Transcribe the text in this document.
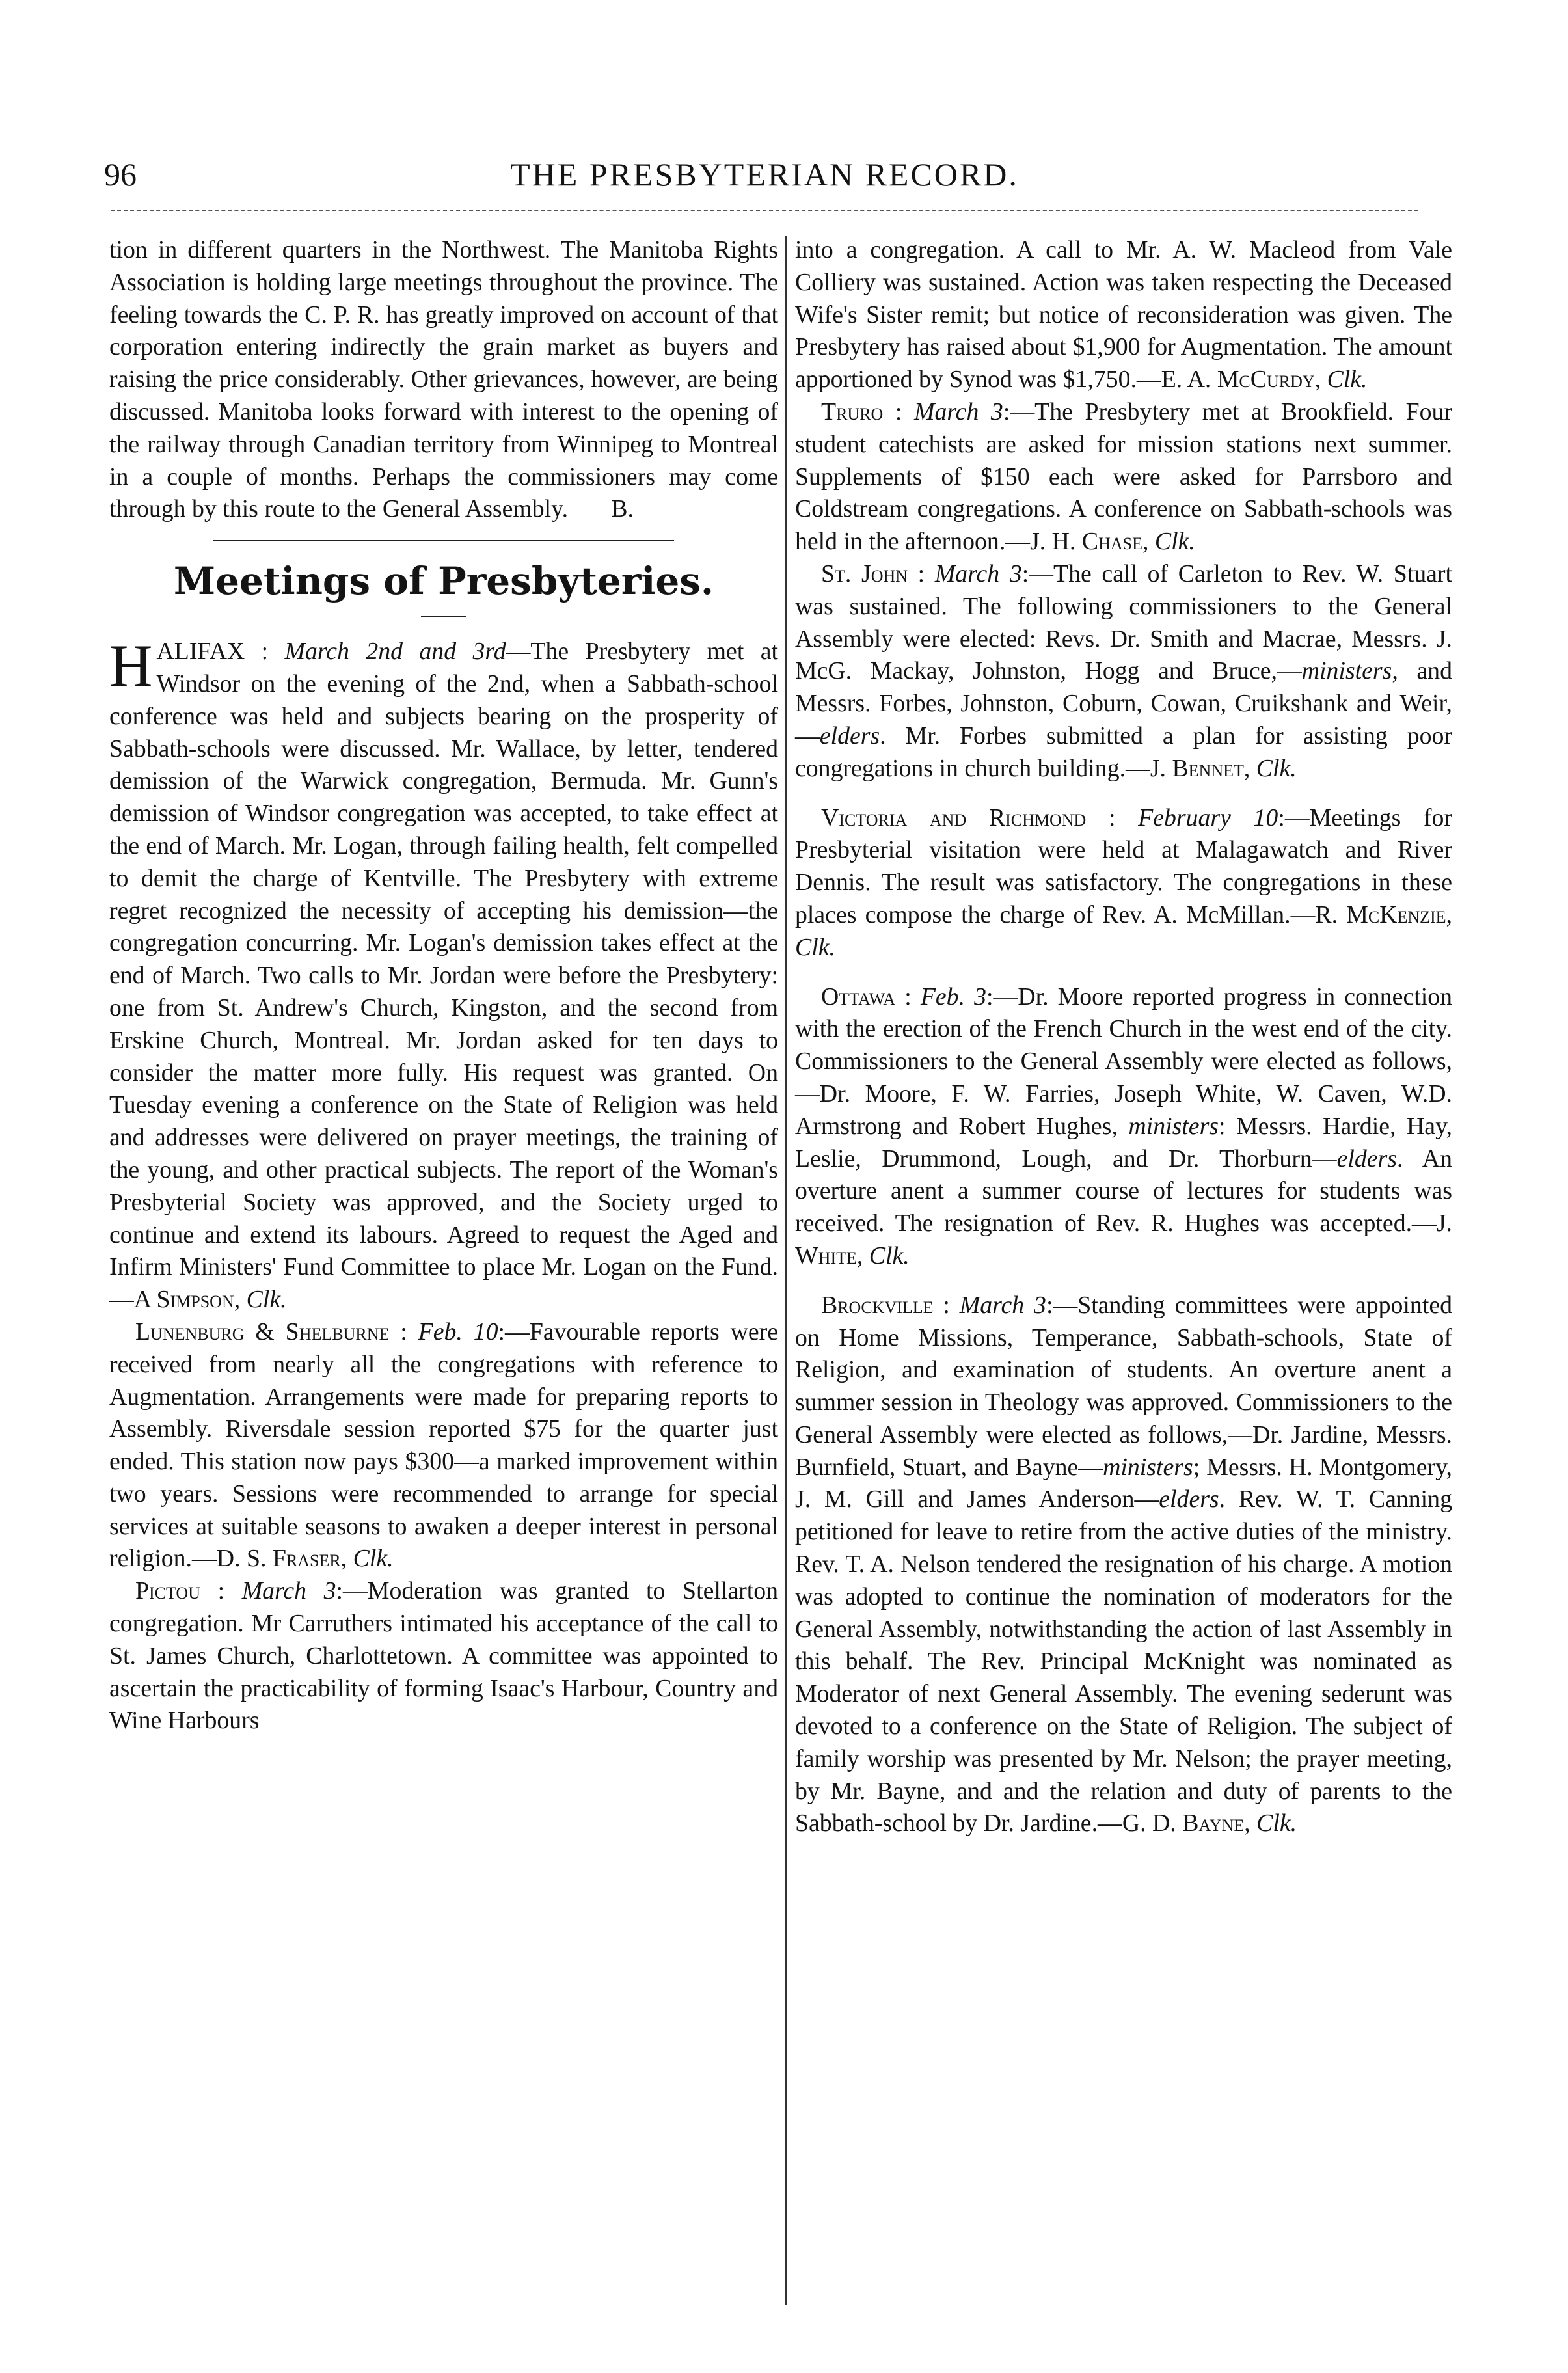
96	THE PRESBYTERIAN RECORD.

tion in different quarters in the Northwest. The Manitoba Rights Association is holding large meetings throughout the province. The feeling towards the C. P. R. has greatly improved on account of that corporation entering indirectly the grain market as buyers and raising the price considerably. Other grievances, however, are being discussed. Manitoba looks forward with interest to the opening of the railway through Canadian territory from Winnipeg to Montreal in a couple of months. Perhaps the commissioners may come through by this route to the General Assembly. B.

Meetings of Presbyteries.

HALIFAX : March 2nd and 3rd—The Presbytery met at Windsor on the evening of the 2nd, when a Sabbath-school conference was held and subjects bearing on the prosperity of Sabbath-schools were discussed. Mr. Wallace, by letter, tendered demission of the Warwick congregation, Bermuda. Mr. Gunn's demission of Windsor congregation was accepted, to take effect at the end of March. Mr. Logan, through failing health, felt compelled to demit the charge of Kentville. The Presbytery with extreme regret recognized the necessity of accepting his demission—the congregation concurring. Mr. Logan's demission takes effect at the end of March. Two calls to Mr. Jordan were before the Presbytery: one from St. Andrew's Church, Kingston, and the second from Erskine Church, Montreal. Mr. Jordan asked for ten days to consider the matter more fully. His request was granted. On Tuesday evening a conference on the State of Religion was held and addresses were delivered on prayer meetings, the training of the young, and other practical subjects. The report of the Woman's Presbyterial Society was approved, and the Society urged to continue and extend its labours. Agreed to request the Aged and Infirm Ministers' Fund Committee to place Mr. Logan on the Fund.—A Simpson, Clk.

Lunenburg & Shelburne : Feb. 10:—Favourable reports were received from nearly all the congregations with reference to Augmentation. Arrangements were made for preparing reports to Assembly. Riversdale session reported $75 for the quarter just ended. This station now pays $300—a marked improvement within two years. Sessions were recommended to arrange for special services at suitable seasons to awaken a deeper interest in personal religion.—D. S. Fraser, Clk.

Pictou : March 3:—Moderation was granted to Stellarton congregation. Mr Carruthers intimated his acceptance of the call to St. James Church, Charlottetown. A committee was appointed to ascertain the practicability of forming Isaac's Harbour, Country and Wine Harbours

into a congregation. A call to Mr. A. W. Macleod from Vale Colliery was sustained. Action was taken respecting the Deceased Wife's Sister remit; but notice of reconsideration was given. The Presbytery has raised about $1,900 for Augmentation. The amount apportioned by Synod was $1,750.—E. A. McCurdy, Clk.

Truro : March 3:—The Presbytery met at Brookfield. Four student catechists are asked for mission stations next summer. Supplements of $150 each were asked for Parrsboro and Coldstream congregations. A conference on Sabbath-schools was held in the afternoon.—J. H. Chase, Clk.

St. John : March 3:—The call of Carleton to Rev. W. Stuart was sustained. The following commissioners to the General Assembly were elected: Revs. Dr. Smith and Macrae, Messrs. J. McG. Mackay, Johnston, Hogg and Bruce,—ministers, and Messrs. Forbes, Johnston, Coburn, Cowan, Cruikshank and Weir,—elders. Mr. Forbes submitted a plan for assisting poor congregations in church building.—J. Bennet, Clk.

Victoria and Richmond : February 10:—Meetings for Presbyterial visitation were held at Malagawatch and River Dennis. The result was satisfactory. The congregations in these places compose the charge of Rev. A. McMillan.—R. McKenzie, Clk.

Ottawa : Feb. 3:—Dr. Moore reported progress in connection with the erection of the French Church in the west end of the city. Commissioners to the General Assembly were elected as follows,—Dr. Moore, F. W. Farries, Joseph White, W. Caven, W.D. Armstrong and Robert Hughes, ministers: Messrs. Hardie, Hay, Leslie, Drummond, Lough, and Dr. Thorburn—elders. An overture anent a summer course of lectures for students was received. The resignation of Rev. R. Hughes was accepted.—J. White, Clk.

Brockville : March 3:—Standing committees were appointed on Home Missions, Temperance, Sabbath-schools, State of Religion, and examination of students. An overture anent a summer session in Theology was approved. Commissioners to the General Assembly were elected as follows,—Dr. Jardine, Messrs. Burnfield, Stuart, and Bayne—ministers; Messrs. H. Montgomery, J. M. Gill and James Anderson—elders. Rev. W. T. Canning petitioned for leave to retire from the active duties of the ministry. Rev. T. A. Nelson tendered the resignation of his charge. A motion was adopted to continue the nomination of moderators for the General Assembly, notwithstanding the action of last Assembly in this behalf. The Rev. Principal McKnight was nominated as Moderator of next General Assembly. The evening sederunt was devoted to a conference on the State of Religion. The subject of family worship was presented by Mr. Nelson; the prayer meeting, by Mr. Bayne, and and the relation and duty of parents to the Sabbath-school by Dr. Jardine.—G. D. Bayne, Clk.
